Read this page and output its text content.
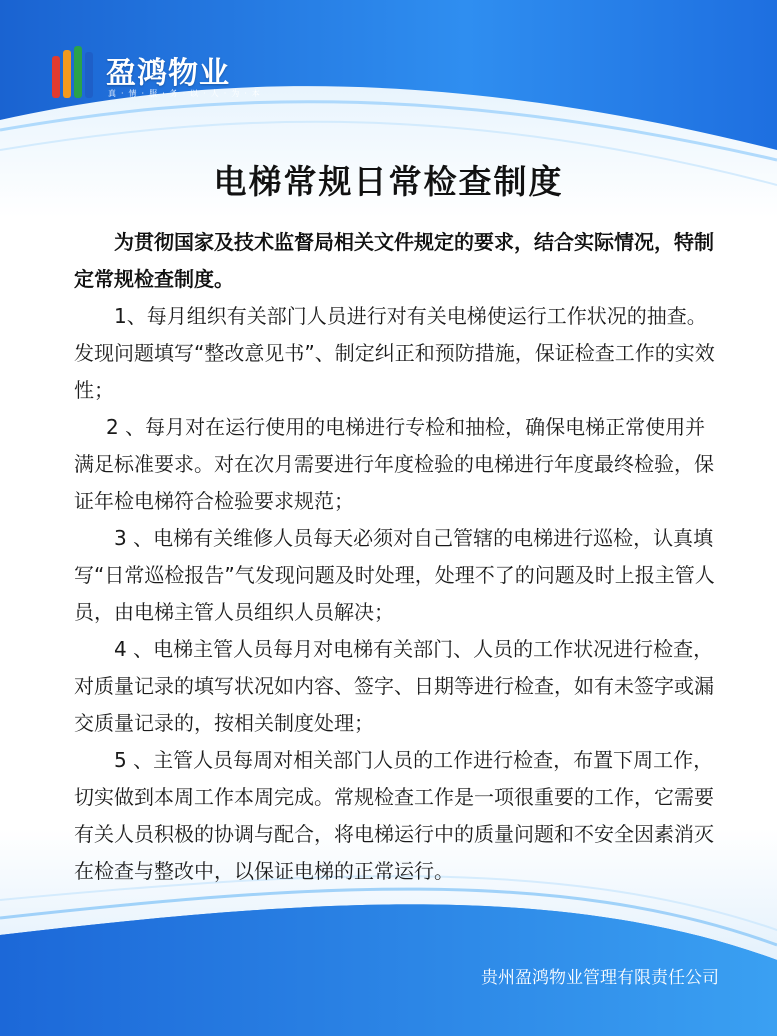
盈鸿物业
真·情·服·务·以·人·为·本
电梯常规日常检查制度

为贯彻国家及技术监督局相关文件规定的要求，结合实际情况，特制定常规检查制度。

1、每月组织有关部门人员进行对有关电梯使运行工作状况的抽查。发现问题填写“整改意见书”、制定纠正和预防措施，保证检查工作的实效性；

2 、每月对在运行使用的电梯进行专检和抽检，确保电梯正常使用并满足标准要求。对在次月需要进行年度检验的电梯进行年度最终检验，保证年检电梯符合检验要求规范；

3 、电梯有关维修人员每天必须对自己管辖的电梯进行巡检，认真填写“日常巡检报告”气发现问题及时处理，处理不了的问题及时上报主管人员，由电梯主管人员组织人员解决；

4 、电梯主管人员每月对电梯有关部门、人员的工作状况进行检查，对质量记录的填写状况如内容、签字、日期等进行检查，如有未签字或漏交质量记录的，按相关制度处理；

5 、主管人员每周对相关部门人员的工作进行检查，布置下周工作，切实做到本周工作本周完成。常规检查工作是一项很重要的工作，它需要有关人员积极的协调与配合，将电梯运行中的质量问题和不安全因素消灭在检查与整改中，以保证电梯的正常运行。

贵州盈鸿物业管理有限责任公司
